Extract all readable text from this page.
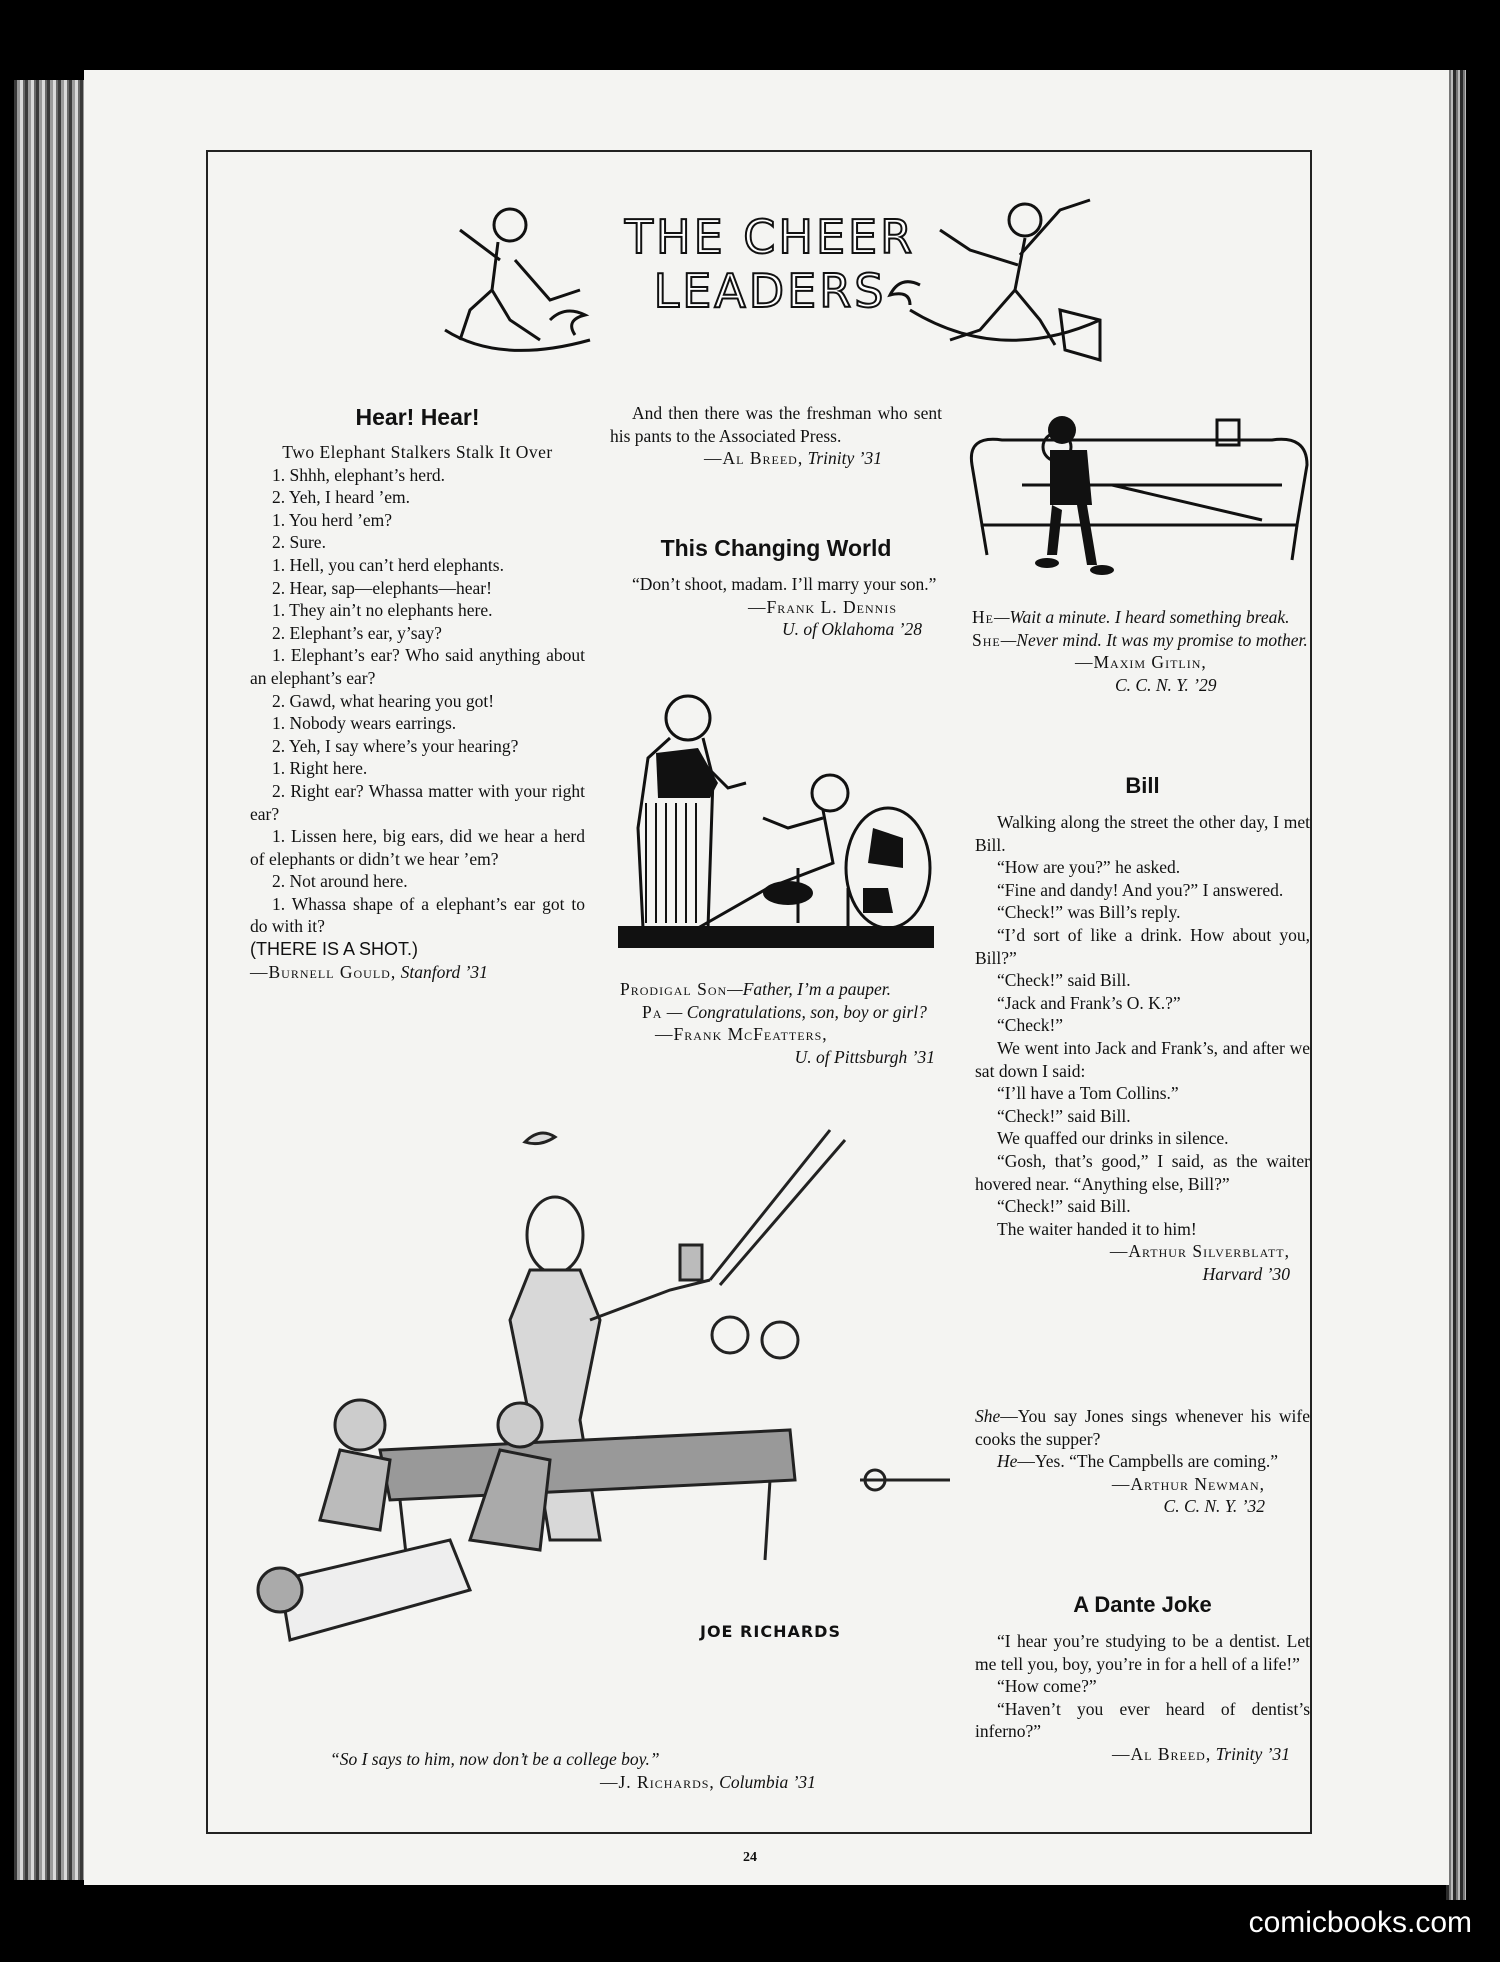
THE CHEER LEADERS
Hear! Hear!

Two Elephant Stalkers Stalk It Over

1. Shhh, elephant’s herd.

2. Yeh, I heard ’em.

1. You herd ’em?

2. Sure.

1. Hell, you can’t herd elephants.

2. Hear, sap—elephants—hear!

1. They ain’t no elephants here.

2. Elephant’s ear, y’say?

1. Elephant’s ear? Who said anything about an elephant’s ear?

2. Gawd, what hearing you got!

1. Nobody wears earrings.

2. Yeh, I say where’s your hearing?

1. Right here.

2. Right ear? Whassa matter with your right ear?

1. Lissen here, big ears, did we hear a herd of elephants or didn’t we hear ’em?

2. Not around here.

1. Whassa shape of a elephant’s ear got to do with it?

(THERE IS A SHOT.)

—Burnell Gould, Stanford ’31

And then there was the freshman who sent his pants to the Associated Press.

—Al Breed, Trinity ’31

This Changing World

“Don’t shoot, madam. I’ll marry your son.”

—Frank L. Dennis

U. of Oklahoma ’28

Prodigal Son—Father, I’m a pauper.

Pa — Congratulations, son, boy or girl?

—Frank McFeatters,

U. of Pittsburgh ’31

He—Wait a minute. I heard something break.

She—Never mind. It was my promise to mother.

—Maxim Gitlin,

C. C. N. Y. ’29

Bill

Walking along the street the other day, I met Bill.

“How are you?” he asked.

“Fine and dandy! And you?” I answered.

“Check!” was Bill’s reply.

“I’d sort of like a drink. How about you, Bill?”

“Check!” said Bill.

“Jack and Frank’s O. K.?”

“Check!”

We went into Jack and Frank’s, and after we sat down I said:

“I’ll have a Tom Collins.”

“Check!” said Bill.

We quaffed our drinks in silence.

“Gosh, that’s good,” I said, as the waiter hovered near. “Anything else, Bill?”

“Check!” said Bill.

The waiter handed it to him!

—Arthur Silverblatt,

Harvard ’30

She—You say Jones sings whenever his wife cooks the supper?

He—Yes. “The Campbells are coming.”

—Arthur Newman,

C. C. N. Y. ’32

A Dante Joke

“I hear you’re studying to be a dentist. Let me tell you, boy, you’re in for a hell of a life!”

“How come?”

“Haven’t you ever heard of dentist’s inferno?”

—Al Breed, Trinity ’31

JOE RICHARDS

“So I says to him, now don’t be a college boy.”

—J. Richards, Columbia ’31

24
comicbooks.com
